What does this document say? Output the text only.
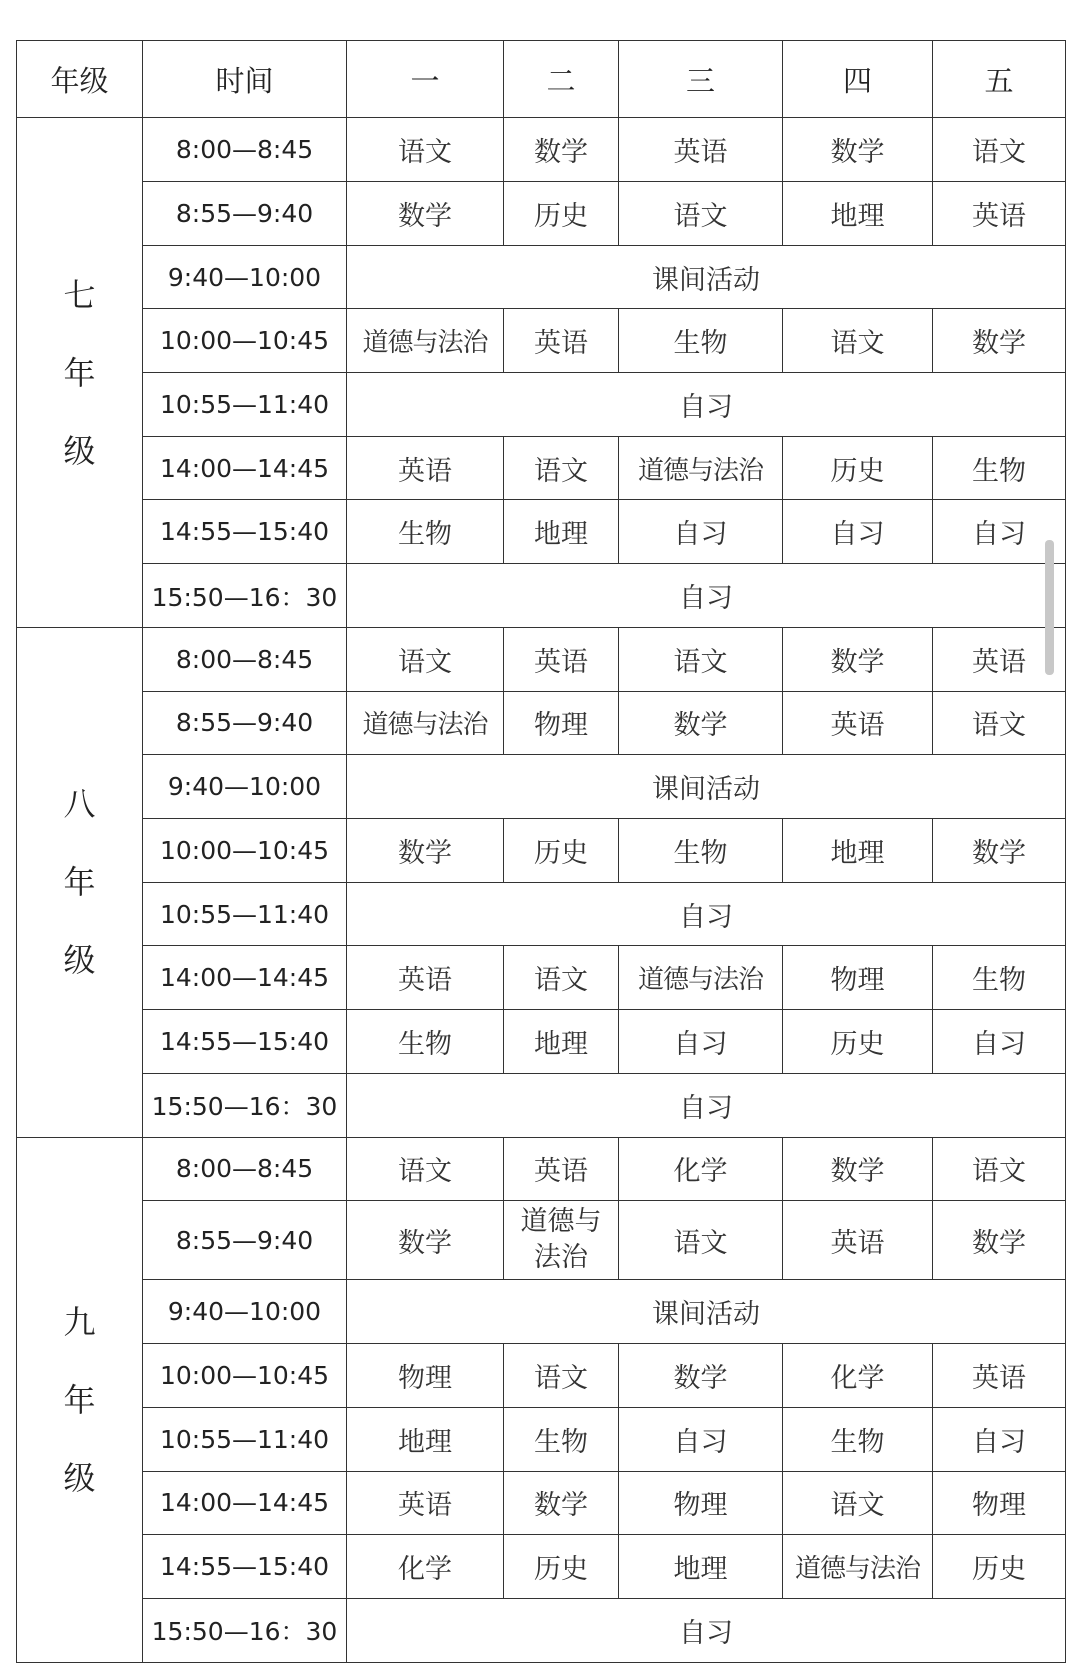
年级	时间	一	二	三	四	五

七
年
级	8:00—8:45	语文	数学	英语	数学	语文
	8:55—9:40	数学	历史	语文	地理	英语
	9:40—10:00	课间活动				
	10:00—10:45	道德与法治	英语	生物	语文	数学
	10:55—11:40	自习				
	14:00—14:45	英语	语文	道德与法治	历史	生物
	14:55—15:40	生物	地理	自习	自习	自习
	15:50—16：30	自习				

八
年
级	8:00—8:45	语文	英语	语文	数学	英语
	8:55—9:40	道德与法治	物理	数学	英语	语文
	9:40—10:00	课间活动				
	10:00—10:45	数学	历史	生物	地理	数学
	10:55—11:40	自习				
	14:00—14:45	英语	语文	道德与法治	物理	生物
	14:55—15:40	生物	地理	自习	历史	自习
	15:50—16：30	自习				

九
年
级	8:00—8:45	语文	英语	化学	数学	语文
	8:55—9:40	数学	道德与法治	语文	英语	数学
	9:40—10:00	课间活动				
	10:00—10:45	物理	语文	数学	化学	英语
	10:55—11:40	地理	生物	自习	生物	自习
	14:00—14:45	英语	数学	物理	语文	物理
	14:55—15:40	化学	历史	地理	道德与法治	历史
	15:50—16：30	自习				
